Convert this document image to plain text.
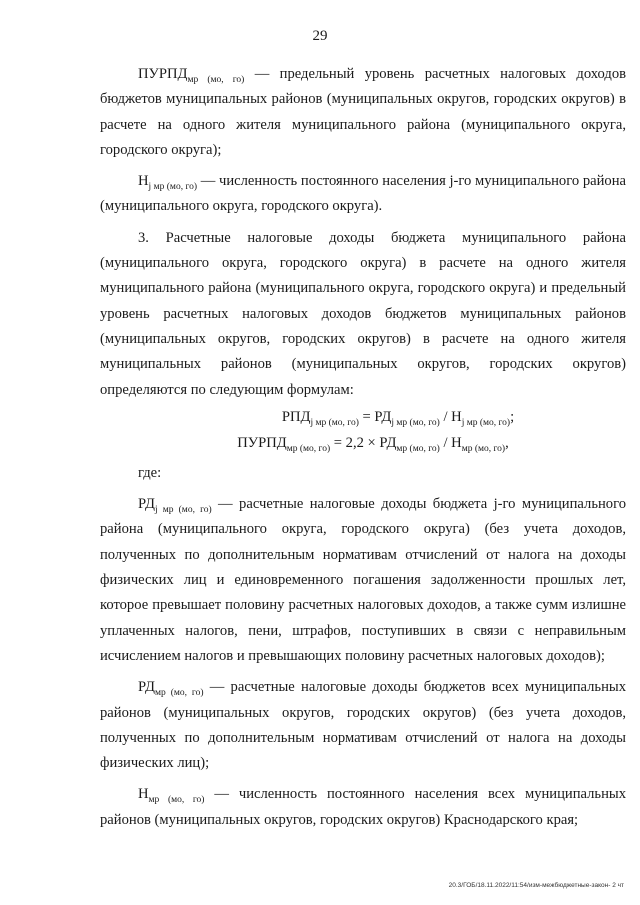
29

$ПУРПД_{мр (мо, го)}$ — предельный уровень расчетных налоговых доходов бюджетов муниципальных районов (муниципальных округов, городских округов) в расчете на одного жителя муниципального района (муниципального округа, городского округа);

$Н_{j мр (мо, го)}$ — численность постоянного населения j-го муниципального района (муниципального округа, городского округа).

3. Расчетные налоговые доходы бюджета муниципального района (муниципального округа, городского округа) в расчете на одного жителя муниципального района (муниципального округа, городского округа) и предельный уровень расчетных налоговых доходов бюджетов муниципальных районов (муниципальных округов, городских округов) в расчете на одного жителя муниципальных районов (муниципальных округов, городских округов) определяются по следующим формулам:

$РПД_{j мр (мо, го)} = РД_{j мр (мо, го)} / Н_{j мр (мо, го)}$;
$ПУРПД_{мр (мо, го)} = 2,2 \times РД_{мр (мо, го)} / Н_{мр (мо, го)}$,

где:

$РД_{j мр (мо, го)}$ — расчетные налоговые доходы бюджета j-го муниципального района (муниципального округа, городского округа) (без учета доходов, полученных по дополнительным нормативам отчислений от налога на доходы физических лиц и единовременного погашения задолженности прошлых лет, которое превышает половину расчетных налоговых доходов, а также сумм излишне уплаченных налогов, пени, штрафов, поступивших в связи с неправильным исчислением налогов и превышающих половину расчетных налоговых доходов);

$РД_{мр (мо, го)}$ — расчетные налоговые доходы бюджетов всех муниципальных районов (муниципальных округов, городских округов) (без учета доходов, полученных по дополнительным нормативам отчислений от налога на доходы физических лиц);

$Н_{мр (мо, го)}$ — численность постоянного населения всех муниципальных районов (муниципальных округов, городских округов) Краснодарского края;

20.3/ГОБ/18.11.2022/11:54/изм-межбюджетные-закон- 2 чт
